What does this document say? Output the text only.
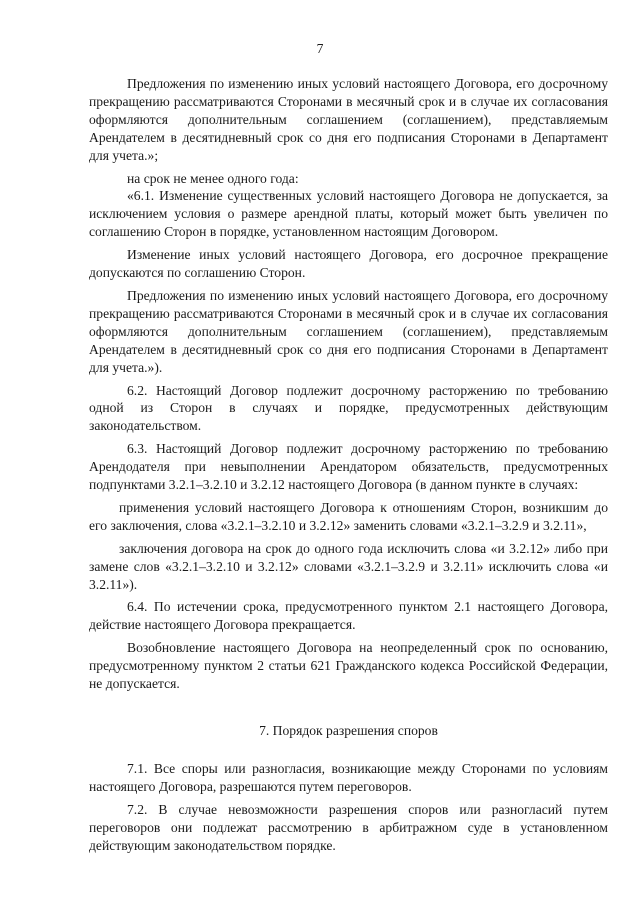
7

Предложения по изменению иных условий настоящего Договора, его досрочному прекращению рассматриваются Сторонами в месячный срок и в случае их согласования оформляются дополнительным соглашением (соглашением), представляемым Арендателем в десятидневный срок со дня его подписания Сторонами в Департамент для учета.»;

на срок не менее одного года:

«6.1. Изменение существенных условий настоящего Договора не допускается, за исключением условия о размере арендной платы, который может быть увеличен по соглашению Сторон в порядке, установленном настоящим Договором.

Изменение иных условий настоящего Договора, его досрочное прекращение допускаются по соглашению Сторон.

Предложения по изменению иных условий настоящего Договора, его досрочному прекращению рассматриваются Сторонами в месячный срок и в случае их согласования оформляются дополнительным соглашением (соглашением), представляемым Арендателем в десятидневный срок со дня его подписания Сторонами в Департамент для учета.»).

6.2. Настоящий Договор подлежит досрочному расторжению по требованию одной из Сторон в случаях и порядке, предусмотренных действующим законодательством.

6.3. Настоящий Договор подлежит досрочному расторжению по требованию Арендодателя при невыполнении Арендатором обязательств, предусмотренных подпунктами 3.2.1–3.2.10 и 3.2.12 настоящего Договора (в данном пункте в случаях:

применения условий настоящего Договора к отношениям Сторон, возникшим до его заключения, слова «3.2.1–3.2.10 и 3.2.12» заменить словами «3.2.1–3.2.9 и 3.2.11»,

заключения договора на срок до одного года исключить слова «и 3.2.12» либо при замене слов «3.2.1–3.2.10 и 3.2.12» словами «3.2.1–3.2.9 и 3.2.11» исключить слова «и 3.2.11»).

6.4. По истечении срока, предусмотренного пунктом 2.1 настоящего Договора, действие настоящего Договора прекращается.

Возобновление настоящего Договора на неопределенный срок по основанию, предусмотренному пунктом 2 статьи 621 Гражданского кодекса Российской Федерации, не допускается.

7. Порядок разрешения споров

7.1. Все споры или разногласия, возникающие между Сторонами по условиям настоящего Договора, разрешаются путем переговоров.

7.2. В случае невозможности разрешения споров или разногласий путем переговоров они подлежат рассмотрению в арбитражном суде в установленном действующим законодательством порядке.
